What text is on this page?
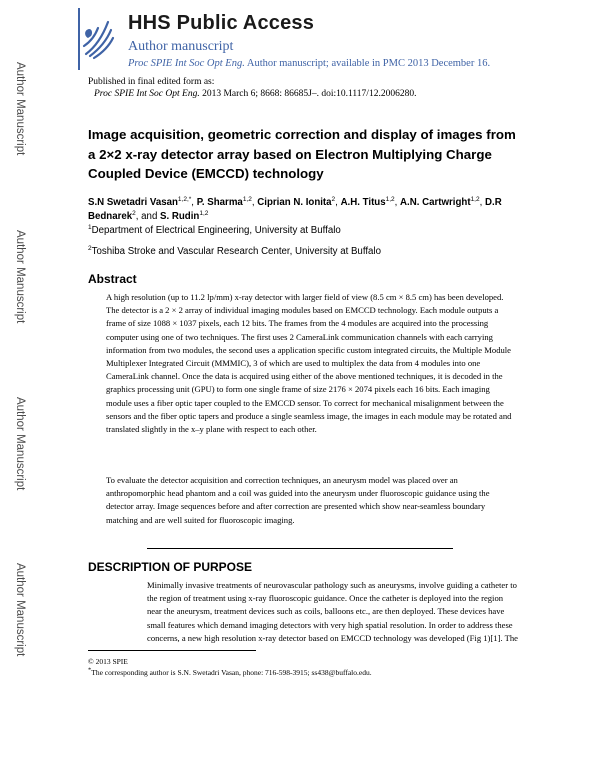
Author Manuscript
Author Manuscript
Author Manuscript
Author Manuscript
HHS Public Access
Author manuscript
Proc SPIE Int Soc Opt Eng. Author manuscript; available in PMC 2013 December 16.
Published in final edited form as:
Proc SPIE Int Soc Opt Eng. 2013 March 6; 8668: 86685J–. doi:10.1117/12.2006280.
Image acquisition, geometric correction and display of images from a 2×2 x-ray detector array based on Electron Multiplying Charge Coupled Device (EMCCD) technology
S.N Swetadri Vasan$^{1,2,*}$, P. Sharma$^{1,2}$, Ciprian N. Ionita$^2$, A.H. Titus$^{1,2}$, A.N. Cartwright$^{1,2}$, D.R Bednarek$^2$, and S. Rudin$^{1,2}$
$^1$Department of Electrical Engineering, University at Buffalo
$^2$Toshiba Stroke and Vascular Research Center, University at Buffalo
Abstract
A high resolution (up to 11.2 lp/mm) x-ray detector with larger field of view (8.5 cm × 8.5 cm) has been developed. The detector is a 2 × 2 array of individual imaging modules based on EMCCD technology. Each module outputs a frame of size 1088 × 1037 pixels, each 12 bits. The frames from the 4 modules are acquired into the processing computer using one of two techniques. The first uses 2 CameraLink communication channels with each carrying information from two modules, the second uses a application specific custom integrated circuits, the Multiple Module Multiplexer Integrated Circuit (MMMIC), 3 of which are used to multiplex the data from 4 modules into one CameraLink channel. Once the data is acquired using either of the above mentioned techniques, it is decoded in the graphics processing unit (GPU) to form one single frame of size 2176 × 2074 pixels each 16 bits. Each imaging module uses a fiber optic taper coupled to the EMCCD sensor. To correct for mechanical misalignment between the sensors and the fiber optic tapers and produce a single seamless image, the images in each module may be rotated and translated slightly in the x–y plane with respect to each other.
To evaluate the detector acquisition and correction techniques, an aneurysm model was placed over an anthropomorphic head phantom and a coil was guided into the aneurysm under fluoroscopic guidance using the detector array. Image sequences before and after correction are presented which show near-seamless boundary matching and are well suited for fluoroscopic imaging.
DESCRIPTION OF PURPOSE
Minimally invasive treatments of neurovascular pathology such as aneurysms, involve guiding a catheter to the region of treatment using x-ray fluoroscopic guidance. Once the catheter is deployed into the region near the aneurysm, treatment devices such as coils, balloons etc., are then deployed. These devices have small features which demand imaging detectors with very high spatial resolution. In order to address these concerns, a new high resolution x-ray detector based on EMCCD technology was developed (Fig 1)[1]. The
© 2013 SPIE
*The corresponding author is S.N. Swetadri Vasan, phone: 716-598-3915; ss438@buffalo.edu.
